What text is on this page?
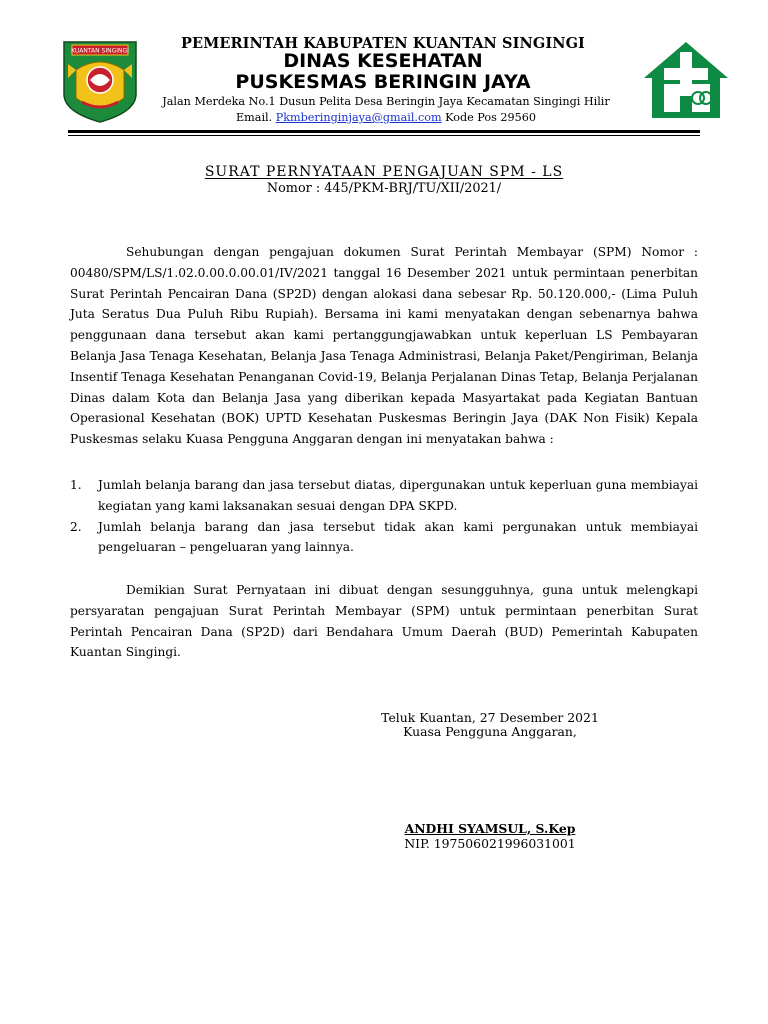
KUANTAN SINGINGI	PEMERINTAH KABUPATEN KUANTAN SINGINGI
DINAS KESEHATAN
PUSKESMAS BERINGIN JAYA
Jalan Merdeka No.1 Dusun Pelita Desa Beringin Jaya Kecamatan Singingi Hilir
Email. Pkmberinginjaya@gmail.com Kode Pos 29560
SURAT PERNYATAAN PENGAJUAN SPM - LS
Nomor : 445/PKM-BRJ/TU/XII/2021/
Sehubungan dengan pengajuan dokumen Surat Perintah Membayar (SPM) Nomor : 00480/SPM/LS/1.02.0.00.0.00.01/IV/2021 tanggal 16 Desember 2021 untuk permintaan penerbitan Surat Perintah Pencairan Dana (SP2D) dengan alokasi dana sebesar Rp. 50.120.000,- (Lima Puluh Juta Seratus Dua Puluh Ribu Rupiah). Bersama ini kami menyatakan dengan sebenarnya bahwa penggunaan dana tersebut akan kami pertanggungjawabkan untuk keperluan LS Pembayaran Belanja Jasa Tenaga Kesehatan, Belanja Jasa Tenaga Administrasi, Belanja Paket/Pengiriman, Belanja Insentif Tenaga Kesehatan Penanganan Covid-19, Belanja Perjalanan Dinas Tetap, Belanja Perjalanan Dinas dalam Kota dan Belanja Jasa yang diberikan kepada Masyartakat pada Kegiatan Bantuan Operasional Kesehatan (BOK) UPTD Kesehatan Puskesmas Beringin Jaya (DAK Non Fisik) Kepala Puskesmas selaku Kuasa Pengguna Anggaran dengan ini menyatakan bahwa :
1. Jumlah belanja barang dan jasa tersebut diatas, dipergunakan untuk keperluan guna membiayai kegiatan yang kami laksanakan sesuai dengan DPA SKPD.
2. Jumlah belanja barang dan jasa tersebut tidak akan kami pergunakan untuk membiayai pengeluaran – pengeluaran yang lainnya.
Demikian Surat Pernyataan ini dibuat dengan sesungguhnya, guna untuk melengkapi persyaratan pengajuan Surat Perintah Membayar (SPM) untuk permintaan penerbitan Surat Perintah Pencairan Dana (SP2D) dari Bendahara Umum Daerah (BUD) Pemerintah Kabupaten Kuantan Singingi.
Teluk Kuantan, 27 Desember 2021
Kuasa Pengguna Anggaran,
ANDHI SYAMSUL, S.Kep
NIP. 197506021996031001
